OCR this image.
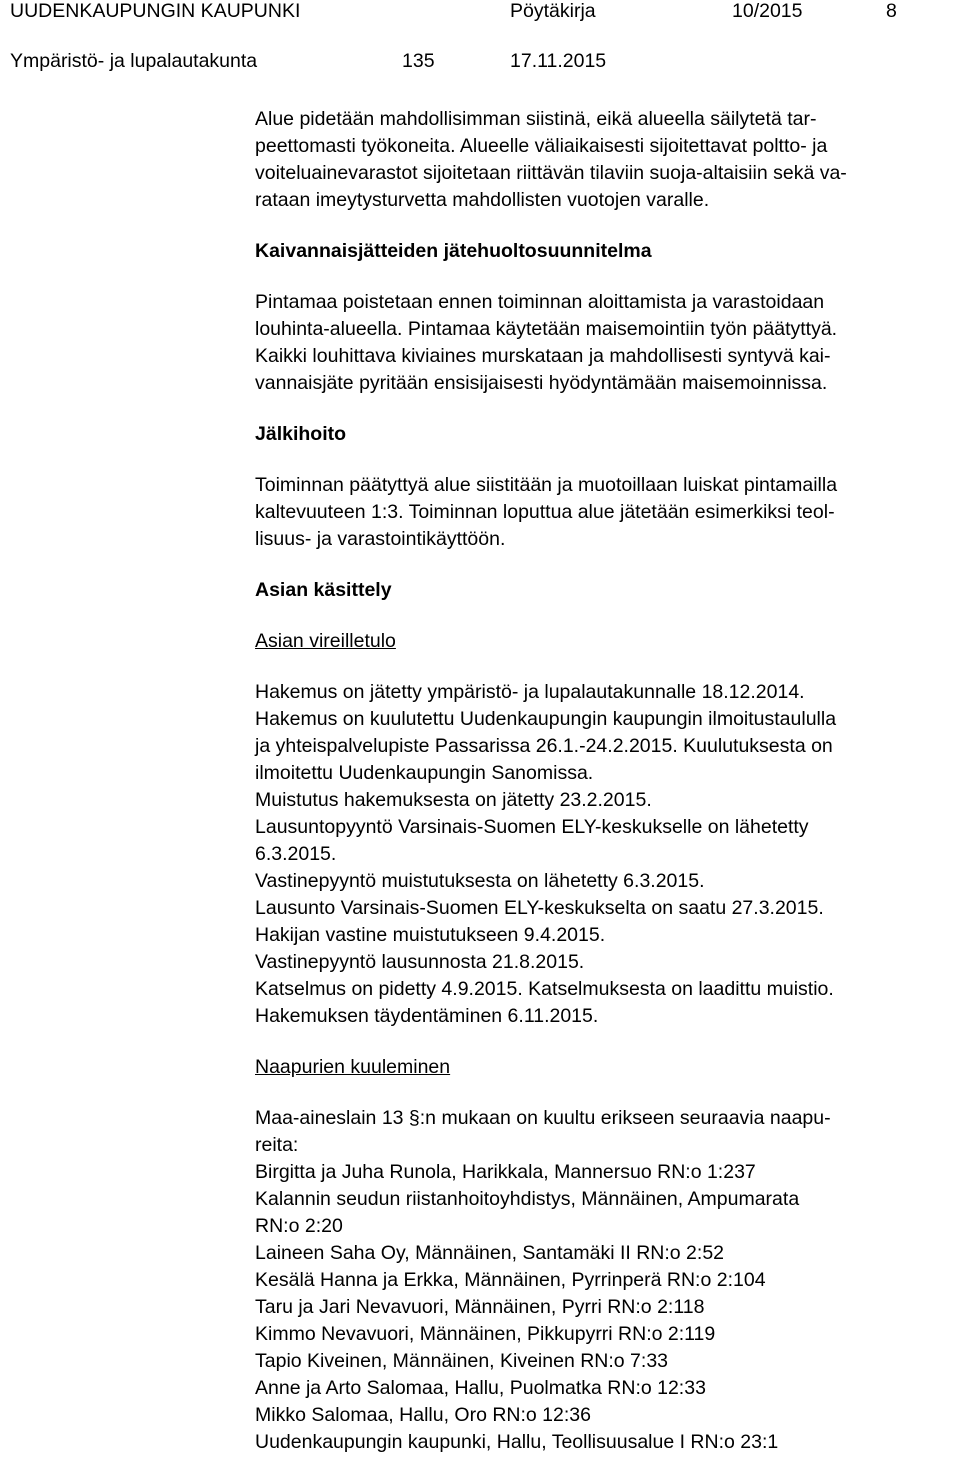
UUDENKAUPUNGIN KAUPUNKI	Pöytäkirja	10/2015	8
Ympäristö- ja lupalautakunta	135	17.11.2015
Alue pidetään mahdollisimman siistinä, eikä alueella säilytetä tar-
peettomasti työkoneita. Alueelle väliaikaisesti sijoitettavat poltto- ja
voiteluainevarastot sijoitetaan riittävän tilaviin suoja-altaisiin sekä va-
rataan imeytysturvetta mahdollisten vuotojen varalle.
Kaivannaisjätteiden jätehuoltosuunnitelma
Pintamaa poistetaan ennen toiminnan aloittamista ja varastoidaan
louhinta-alueella. Pintamaa käytetään maisemointiin työn päätyttyä.
Kaikki louhittava kiviaines murskataan ja mahdollisesti syntyvä kai-
vannaisjäte pyritään ensisijaisesti hyödyntämään maisemoinnissa.
Jälkihoito
Toiminnan päätyttyä alue siistitään ja muotoillaan luiskat pintamailla
kaltevuuteen 1:3. Toiminnan loputtua alue jätetään esimerkiksi teol-
lisuus- ja varastointikäyttöön.
Asian käsittely
Asian vireilletulo
Hakemus on jätetty ympäristö- ja lupalautakunnalle 18.12.2014.
Hakemus on kuulutettu Uudenkaupungin kaupungin ilmoitustaululla
ja yhteispalvelupiste Passarissa 26.1.-24.2.2015. Kuulutuksesta on
ilmoitettu Uudenkaupungin Sanomissa.
Muistutus hakemuksesta on jätetty 23.2.2015.
Lausuntopyyntö Varsinais-Suomen ELY-keskukselle on lähetetty
6.3.2015.
Vastinepyyntö muistutuksesta on lähetetty 6.3.2015.
Lausunto Varsinais-Suomen ELY-keskukselta on saatu 27.3.2015.
Hakijan vastine muistutukseen 9.4.2015.
Vastinepyyntö lausunnosta 21.8.2015.
Katselmus on pidetty 4.9.2015. Katselmuksesta on laadittu muistio.
Hakemuksen täydentäminen 6.11.2015.
Naapurien kuuleminen
Maa-aineslain 13 §:n mukaan on kuultu erikseen seuraavia naapu-
reita:
Birgitta ja Juha Runola, Harikkala, Mannersuo RN:o 1:237
Kalannin seudun riistanhoitoyhdistys, Männäinen, Ampumarata
RN:o 2:20
Laineen Saha Oy, Männäinen, Santamäki II RN:o 2:52
Kesälä Hanna ja Erkka, Männäinen, Pyrrinperä RN:o 2:104
Taru ja Jari Nevavuori, Männäinen, Pyrri RN:o 2:118
Kimmo Nevavuori, Männäinen, Pikkupyrri RN:o 2:119
Tapio Kiveinen, Männäinen, Kiveinen RN:o 7:33
Anne ja Arto Salomaa, Hallu, Puolmatka RN:o 12:33
Mikko Salomaa, Hallu, Oro RN:o 12:36
Uudenkaupungin kaupunki, Hallu, Teollisuusalue I RN:o 23:1
